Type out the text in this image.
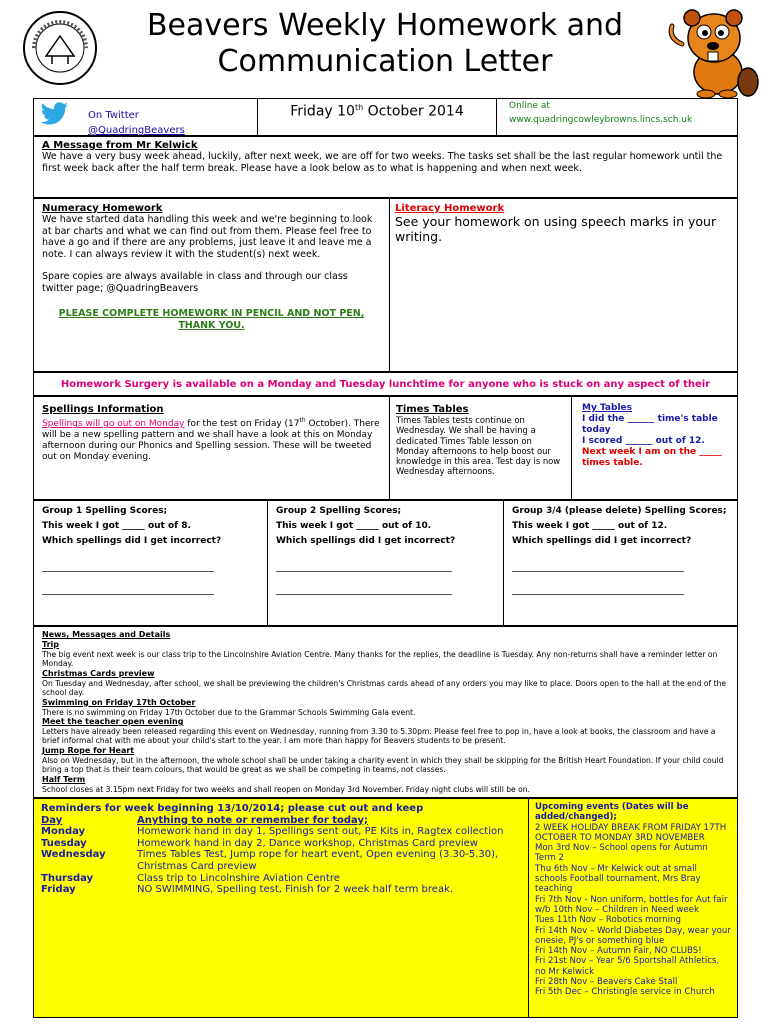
Beavers Weekly Homework and
Communication Letter
On Twitter
@QuadringBeavers
Friday 10th October 2014	Online at
www.quadringcowleybrowns.lincs.sch.uk
A Message from Mr Kelwick
We have a very busy week ahead, luckily, after next week, we are off for two weeks. The tasks set shall be the last regular homework until the first week back after the half term break. Please have a look below as to what is happening and when next week.
Numeracy Homework
We have started data handling this week and we're beginning to look at bar charts and what we can find out from them. Please feel free to have a go and if there are any problems, just leave it and leave me a note. I can always review it with the student(s) next week.
Spare copies are always available in class and through our class twitter page; @QuadringBeavers
PLEASE COMPLETE HOMEWORK IN PENCIL AND NOT PEN, THANK YOU.
Literacy Homework
See your homework on using speech marks in your writing.
Homework Surgery is available on a Monday and Tuesday lunchtime for anyone who is stuck on any aspect of their
Spellings Information
Spellings will go out on Monday for the test on Friday (17th October). There will be a new spelling pattern and we shall have a look at this on Monday afternoon during our Phonics and Spelling session. These will be tweeted out on Monday evening.
Times Tables
Times Tables tests continue on Wednesday. We shall be having a dedicated Times Table lesson on Monday afternoons to help boost our knowledge in this area. Test day is now Wednesday afternoons.
My Tables
I did the ______ time's table today
I scored ______ out of 12.
Next week I am on the _____ times table.
Group 1 Spelling Scores;
This week I got _____ out of 8.
Which spellings did I get incorrect?
Group 2 Spelling Scores;
This week I got _____ out of 10.
Which spellings did I get incorrect?
Group 3/4 (please delete) Spelling Scores;
This week I got _____ out of 12.
Which spellings did I get incorrect?
News, Messages and Details
Trip
The big event next week is our class trip to the Lincolnshire Aviation Centre. Many thanks for the replies, the deadline is Tuesday. Any non-returns shall have a reminder letter on Monday.
Christmas Cards preview
On Tuesday and Wednesday, after school, we shall be previewing the children's Christmas cards ahead of any orders you may like to place. Doors open to the hall at the end of the school day.
Swimming on Friday 17th October
There is no swimming on Friday 17th October due to the Grammar Schools Swimming Gala event.
Meet the teacher open evening
Letters have already been released regarding this event on Wednesday, running from 3.30 to 5.30pm. Please feel free to pop in, have a look at books, the classroom and have a brief informal chat with me about your child's start to the year. I am more than happy for Beavers students to be present.
Jump Rope for Heart
Also on Wednesday, but in the afternoon, the whole school shall be under taking a charity event in which they shall be skipping for the British Heart Foundation. If your child could bring a top that is their team colours, that would be great as we shall be competing in teams, not classes.
Half Term
School closes at 3.15pm next Friday for two weeks and shall reopen on Monday 3rd November. Friday night clubs will still be on.
Reminders for week beginning 13/10/2014; please cut out and keep
Day	Anything to note or remember for today;
Monday	Homework hand in day 1, Spellings sent out, PE Kits in, Ragtex collection
Tuesday	Homework hand in day 2, Dance workshop, Christmas Card preview
Wednesday	Times Tables Test, Jump rope for heart event, Open evening (3.30-5.30), Christmas Card preview
Thursday	Class trip to Lincolnshire Aviation Centre
Friday	NO SWIMMING, Spelling test, Finish for 2 week half term break.
Upcoming events (Dates will be added/changed);
2 WEEK HOLIDAY BREAK FROM FRIDAY 17TH OCTOBER TO MONDAY 3RD NOVEMBER
Mon 3rd Nov – School opens for Autumn Term 2
Thu 6th Nov – Mr Kelwick out at small schools Football tournament, Mrs Bray teaching
Fri 7th Nov - Non uniform, bottles for Aut fair
w/b 10th Nov – Children in Need week
Tues 11th Nov – Robotics morning
Fri 14th Nov – World Diabetes Day, wear your onesie, PJ's or something blue
Fri 14th Nov – Autumn Fair, NO CLUBS!
Fri 21st Nov – Year 5/6 Sportshall Athletics, no Mr Kelwick
Fri 28th Nov – Beavers Cake Stall
Fri 5th Dec – Christingle service in Church
